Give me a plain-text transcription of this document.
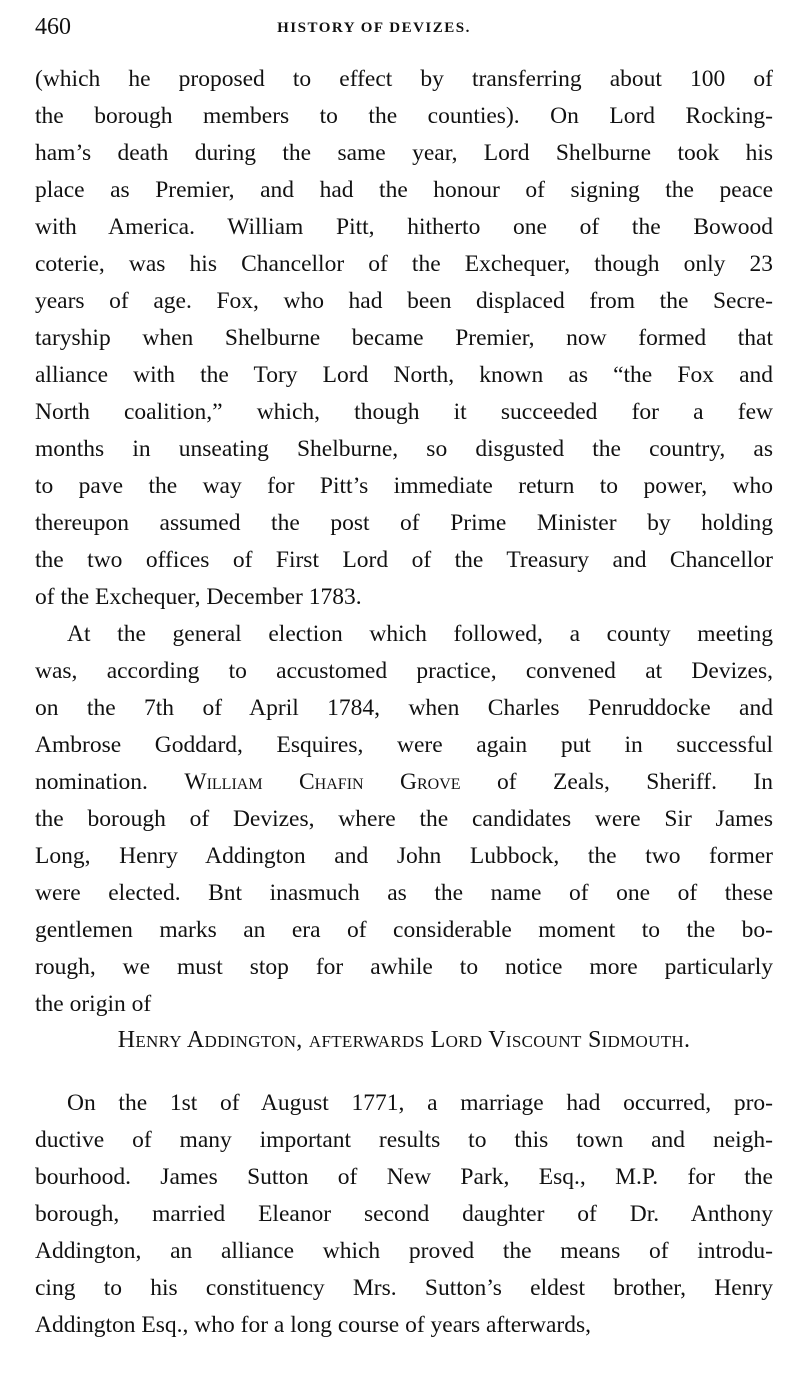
460	HISTORY OF DEVIZES.
(which he proposed to effect by transferring about 100 of
the borough members to the counties). On Lord Rocking-
ham’s death during the same year, Lord Shelburne took his
place as Premier, and had the honour of signing the peace
with America. William Pitt, hitherto one of the Bowood
coterie, was his Chancellor of the Exchequer, though only 23
years of age. Fox, who had been displaced from the Secre-
taryship when Shelburne became Premier, now formed that
alliance with the Tory Lord North, known as “the Fox and
North coalition,” which, though it succeeded for a few
months in unseating Shelburne, so disgusted the country, as
to pave the way for Pitt’s immediate return to power, who
thereupon assumed the post of Prime Minister by holding
the two offices of First Lord of the Treasury and Chancellor
of the Exchequer, December 1783.
At the general election which followed, a county meeting
was, according to accustomed practice, convened at Devizes,
on the 7th of April 1784, when Charles Penruddocke and
Ambrose Goddard, Esquires, were again put in successful
nomination. William Chafin Grove of Zeals, Sheriff. In
the borough of Devizes, where the candidates were Sir James
Long, Henry Addington and John Lubbock, the two former
were elected. Bnt inasmuch as the name of one of these
gentlemen marks an era of considerable moment to the bo-
rough, we must stop for awhile to notice more particularly
the origin of
Henry Addington, afterwards Lord Viscount Sidmouth.
On the 1st of August 1771, a marriage had occurred, pro-
ductive of many important results to this town and neigh-
bourhood. James Sutton of New Park, Esq., M.P. for the
borough, married Eleanor second daughter of Dr. Anthony
Addington, an alliance which proved the means of introdu-
cing to his constituency Mrs. Sutton’s eldest brother, Henry
Addington Esq., who for a long course of years afterwards,
